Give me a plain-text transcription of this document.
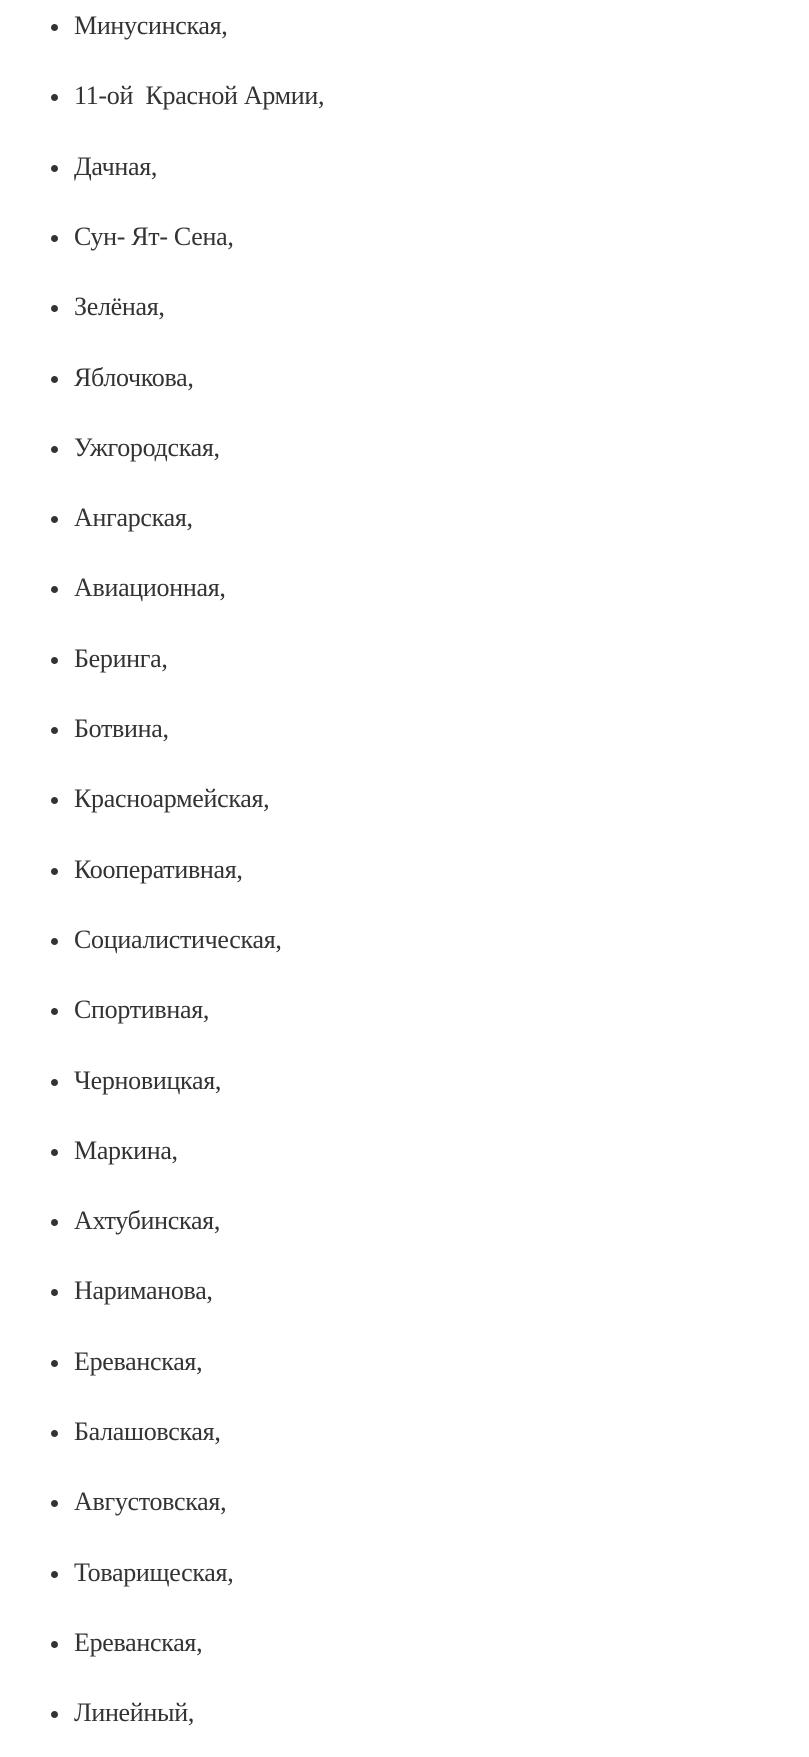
Минусинская,
11-ой  Красной Армии,
Дачная,
Сун- Ят- Сена,
Зелёная,
Яблочкова,
Ужгородская,
Ангарская,
Авиационная,
Беринга,
Ботвина,
Красноармейская,
Кооперативная,
Социалистическая,
Спортивная,
Черновицкая,
Маркина,
Ахтубинская,
Нариманова,
Ереванская,
Балашовская,
Августовская,
Товарищеская,
Ереванская,
Линейный,
